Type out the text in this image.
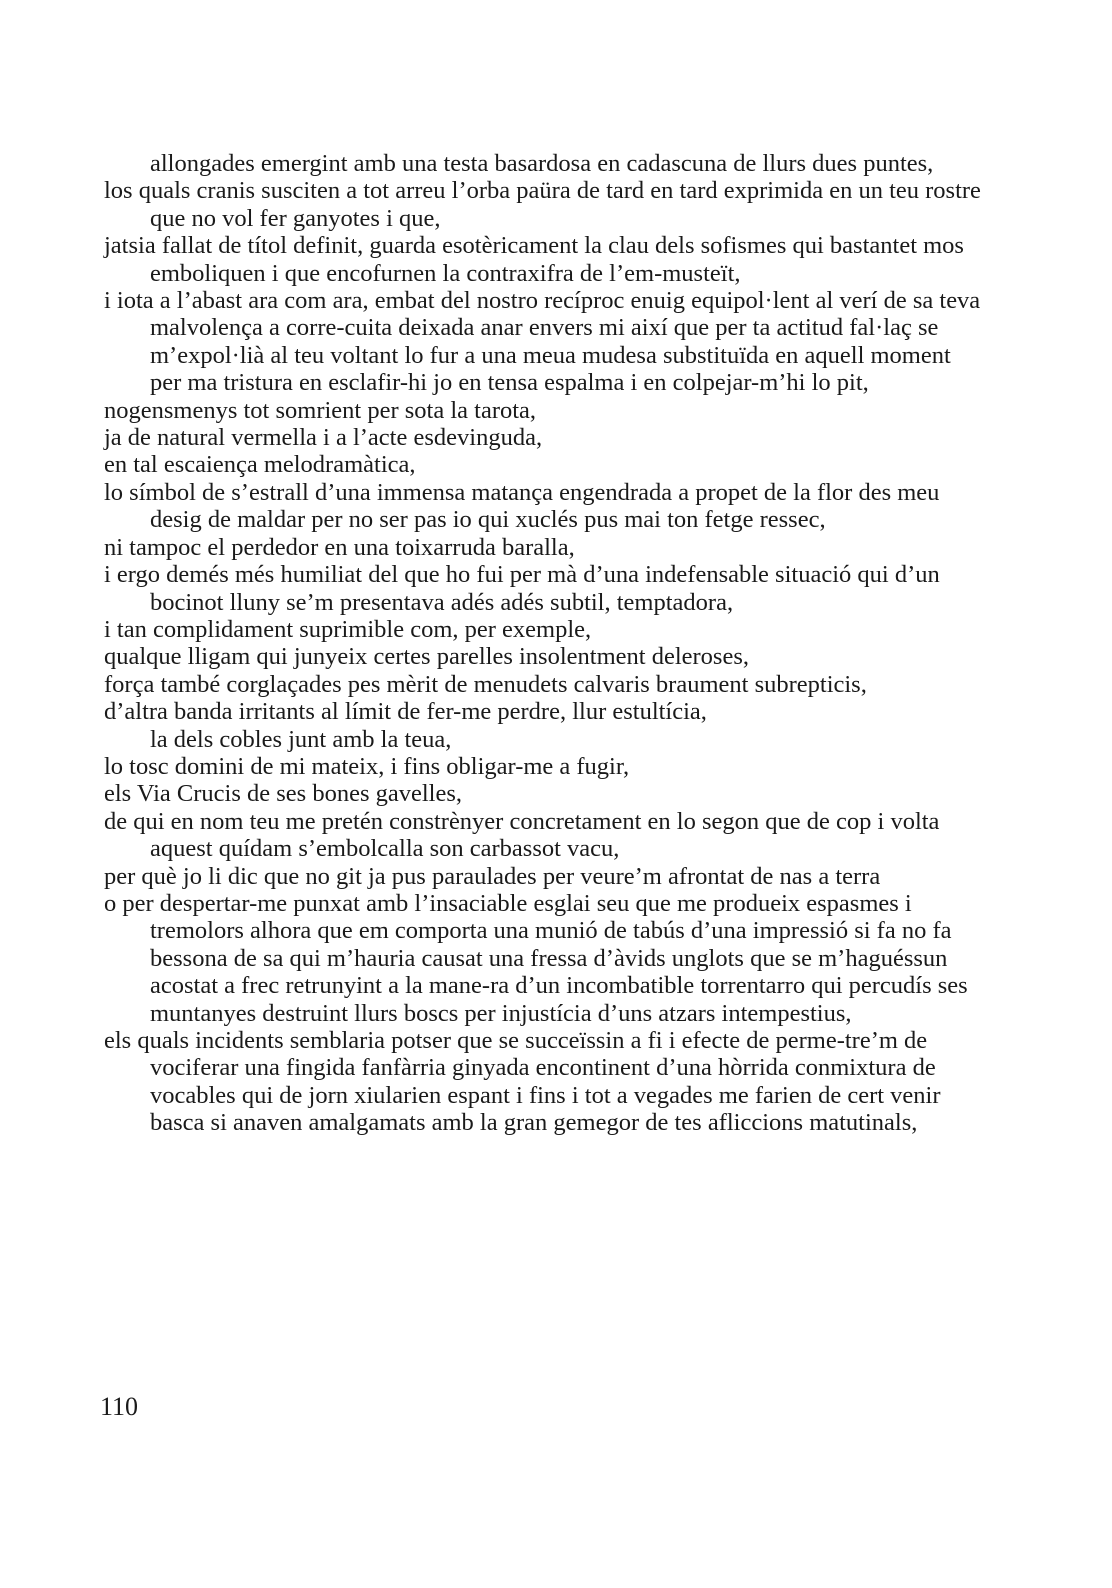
allongades emergint amb una testa basardosa en cadascuna de llurs dues puntes,

los quals cranis susciten a tot arreu l’orba paüra de tard en tard exprimida en un teu rostre que no vol fer ganyotes i que,

jatsia fallat de títol definit, guarda esotèricament la clau dels sofismes qui bastantet mos emboliquen i que encofurnen la contraxifra de l’em-musteït,

i iota a l’abast ara com ara, embat del nostro recíproc enuig equipol·lent al verí de sa teva malvolença a corre-cuita deixada anar envers mi així que per ta actitud fal·laç se m’expol·lià al teu voltant lo fur a una meua mudesa substituïda en aquell moment per ma tristura en esclafir-hi jo en tensa espalma i en colpejar-m’hi lo pit,

nogensmenys tot somrient per sota la tarota,

ja de natural vermella i a l’acte esdevinguda,

en tal escaiença melodramàtica,

lo símbol de s’estrall d’una immensa matança engendrada a propet de la flor des meu desig de maldar per no ser pas io qui xuclés pus mai ton fetge ressec,

ni tampoc el perdedor en una toixarruda baralla,

i ergo demés més humiliat del que ho fui per mà d’una indefensable situació qui d’un bocinot lluny se’m presentava adés adés subtil, temptadora,

i tan complidament suprimible com, per exemple,

qualque lligam qui junyeix certes parelles insolentment deleroses,

força també corglaçades pes mèrit de menudets calvaris braument subrepticis,

d’altra banda irritants al límit de fer-me perdre, llur estultícia,

la dels cobles junt amb la teua,

lo tosc domini de mi mateix, i fins obligar-me a fugir,

els Via Crucis de ses bones gavelles,

de qui en nom teu me pretén constrènyer concretament en lo segon que de cop i volta aquest quídam s’embolcalla son carbassot vacu,

per què jo li dic que no git ja pus paraulades per veure’m afrontat de nas a terra

o per despertar-me punxat amb l’insaciable esglai seu que me produeix espasmes i tremolors alhora que em comporta una munió de tabús d’una impressió si fa no fa bessona de sa qui m’hauria causat una fressa d’àvids unglots que se m’haguéssun acostat a frec retrunyint a la mane-ra d’un incombatible torrentarro qui percudís ses muntanyes destruint llurs boscs per injustícia d’uns atzars intempestius,

els quals incidents semblaria potser que se succeïssin a fi i efecte de perme-tre’m de vociferar una fingida fanfàrria ginyada encontinent d’una hòrrida conmixtura de vocables qui de jorn xiularien espant i fins i tot a vegades me farien de cert venir basca si anaven amalgamats amb la gran gemegor de tes afliccions matutinals,

110
